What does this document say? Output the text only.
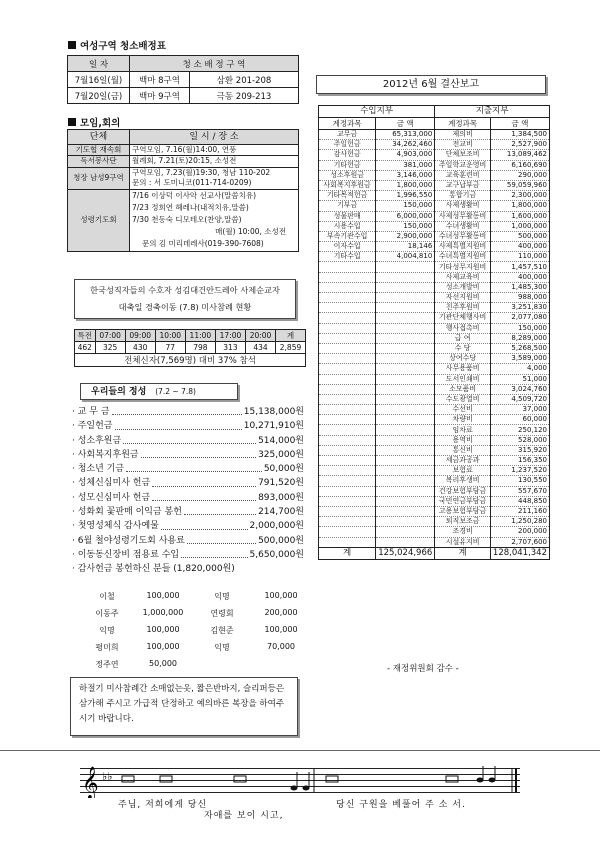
여성구역 청소배정표
일 자	청 소 배 정 구 역	
7월16일(월)	백마 8구역	삼환 201-208
7월20일(금)	백마 9구역	극동 209-213
모임,회의
단체	일 시 / 장 소
기도협 재속회	구역모임, 7.16(월)14:00, 연풍
독서봉사단	월례회, 7.21(토)20:15, 소성전
청장 남성9구역	구역모임, 7.23(월)19:30, 청남 110-202
문의 : 서 도미니코(011-714-0209)

성령기도회	7/16 이상덕 이사악 선교사(말씀치유)
7/23 정희연 헤레나(내적치유,말씀)
7/30 천동숙 디모테오(찬양,말씀)
매(월) 10:00, 소성전
문의 김 미리데레사(019-390-7608)
한국성직자들의 수호자 성김대건안드레아 사제순교자
대축일 경축이동 (7.8) 미사참례 현황
특전	07:00	09:00	10:00	11:00	17:00	20:00	계
462	325	430	77	798	313	434	2,859
전체신자(7,569명) 대비 37% 참석							
우리들의 정성 (7.2 ~ 7.8)
· 교 무 금	15,138,000원
· 주일헌금	10,271,910원
· 성소후원금	514,000원
· 사회복지후원금	325,000원
· 청소년 기금	50,000원
· 성체신심미사 헌금	791,520원
· 성모신심미사 헌금	893,000원
· 성화회 꽃판매 이익금 봉헌	214,700원
· 첫영성체식 감사예물	2,000,000원
· 6월 철야성령기도회 사용료	500,000원
· 이동동신장비 점용료 수입	5,650,000원
· 감사헌금 봉헌하신 분들 (1,820,000원)
이철	100,000	익명	100,000
이동주	1,000,000	연령회	200,000
익명	100,000	김현준	100,000
평미희	100,000	익명	70,000
정주연	50,000
2012년 6월 결산보고
수입지부		지출지부	
계정과목	금 액	계정과목	금 액
교무금	65,313,000	제의비	1,384,500
주일헌금	34,262,460	전교비	2,527,900
감사헌금	4,903,000	단체보조비	13,089,462
기타헌금	381,000	주일학교운영비	6,160,690
성소후원금	3,146,000	교육훈련비	290,000
사회복지후원금	1,800,000	교구납부금	59,059,960
기타목적헌금	1,996,550	통합기금	2,300,000
기부금	150,000	사제생활비	1,800,000
성물판매	6,000,000	사제성무활동비	1,600,000
시용수입	150,000	수녀생활비	1,000,000
부속기관수입	2,900,000	수녀성무활동비	500,000
이자수입	18,146	사제특별지원비	400,000
기타수입	4,004,810	수녀특별지원비	110,000
		기타성무지원비	1,457,510
		사제교육비	400,000
		성소개발비	1,485,300
		자선지원비	988,000
		친주후원비	3,251,830
		기관단체행사비	2,077,080
		행사접촉비	150,000
		급 여	8,289,000
		수 당	5,268,500
		상여수당	3,589,000
		사무용품비	4,000
		도서인쇄비	51,000
		소모품비	3,024,760
		수도광열비	4,509,720
		수선비	37,000
		차량비	60,000
		임차료	250,120
		용역비	528,000
		통신비	315,920
		세금과공과	156,350
		보험료	1,237,520
		복리후생비	130,550
		건강보험부담금	557,670
		국민연금부담금	448,850
		고용보험부담금	211,160
		퇴직보조금	1,250,280
		조경비	200,000
		시설유지비	2,707,600
계	125,024,966	계	128,041,342
- 재정위원회 감수 -
하절기 미사참례간 소매없는옷, 짧은반바지, 슬리퍼등은 삼가해 주시고 가급적 단정하고 예의바른 복장을 하여주시기 바랍니다.
𝄞 ♭♭
주님, 저희에게 당신	당신 구원을 베풀어 주 소 서.
자애를 보이 시고,
